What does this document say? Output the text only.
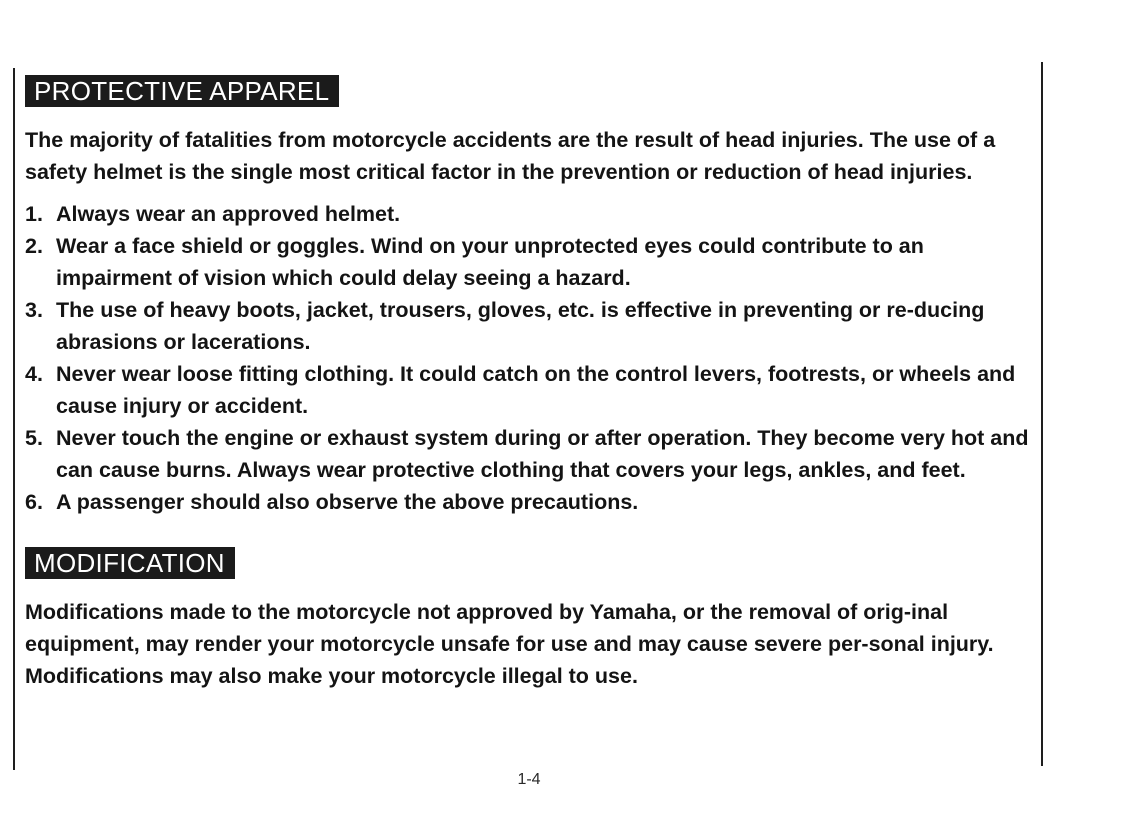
PROTECTIVE APPAREL

The majority of fatalities from motorcycle accidents are the result of head injuries. The use of a safety helmet is the single most critical factor in the prevention or reduction of head injuries.

1. Always wear an approved helmet.
2. Wear a face shield or goggles. Wind on your unprotected eyes could contribute to an impairment of vision which could delay seeing a hazard.
3. The use of heavy boots, jacket, trousers, gloves, etc. is effective in preventing or re-ducing abrasions or lacerations.
4. Never wear loose fitting clothing. It could catch on the control levers, footrests, or wheels and cause injury or accident.
5. Never touch the engine or exhaust system during or after operation. They become very hot and can cause burns. Always wear protective clothing that covers your legs, ankles, and feet.
6. A passenger should also observe the above precautions.
MODIFICATION

Modifications made to the motorcycle not approved by Yamaha, or the removal of orig-inal equipment, may render your motorcycle unsafe for use and may cause severe per-sonal injury. Modifications may also make your motorcycle illegal to use.

1-4
